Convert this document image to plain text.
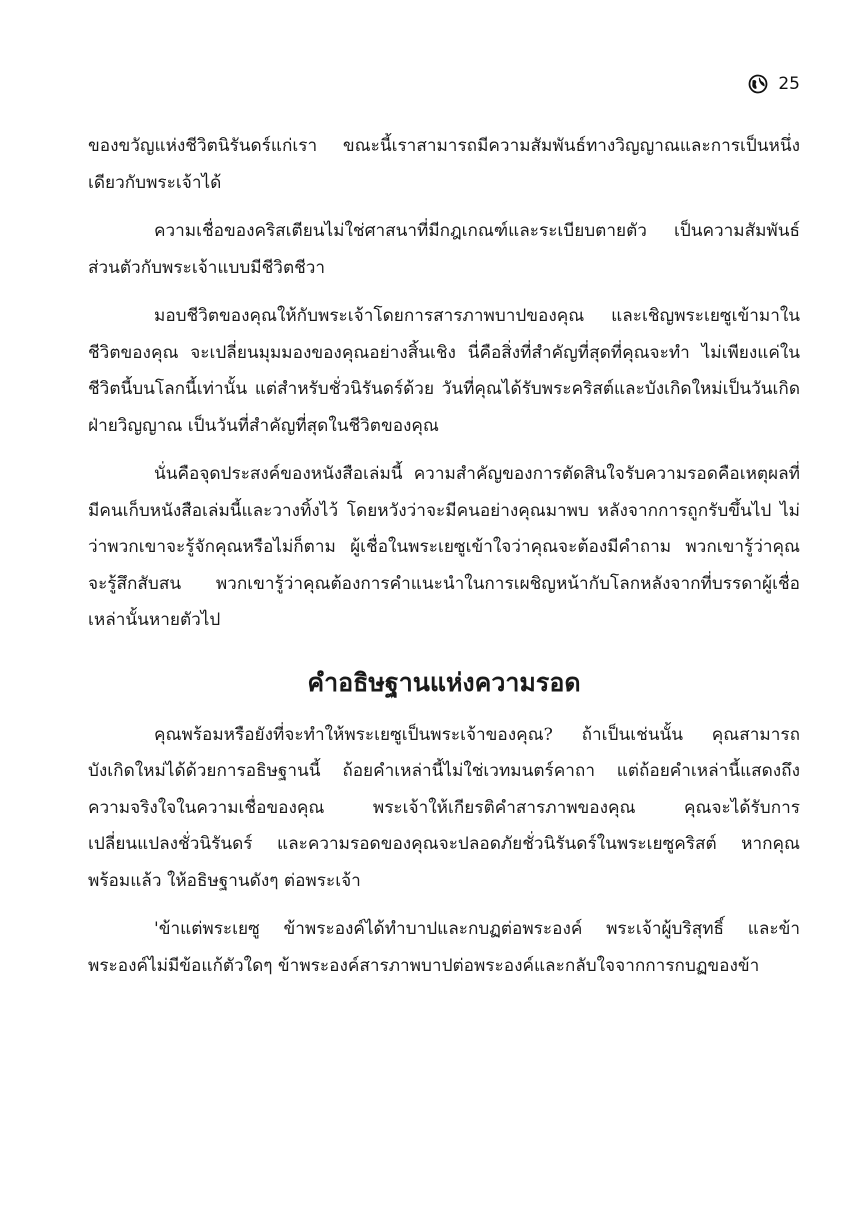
25

ของขวัญแห่งชีวิตนิรันดร์แก่เรา ขณะนี้เราสามารถมีความสัมพันธ์ทางวิญญาณและการเป็นหนึ่งเดียวกับพระเจ้าได้

ความเชื่อของคริสเตียนไม่ใช่ศาสนาที่มีกฎเกณฑ์และระเบียบตายตัว เป็นความสัมพันธ์ส่วนตัวกับพระเจ้าแบบมีชีวิตชีวา

มอบชีวิตของคุณให้กับพระเจ้าโดยการสารภาพบาปของคุณ และเชิญพระเยซูเข้ามาในชีวิตของคุณ จะเปลี่ยนมุมมองของคุณอย่างสิ้นเชิง นี่คือสิ่งที่สำคัญที่สุดที่คุณจะทำ ไม่เพียงแค่ในชีวิตนี้บนโลกนี้เท่านั้น แต่สำหรับชั่วนิรันดร์ด้วย วันที่คุณได้รับพระคริสต์และบังเกิดใหม่เป็นวันเกิดฝ่ายวิญญาณ เป็นวันที่สำคัญที่สุดในชีวิตของคุณ

นั่นคือจุดประสงค์ของหนังสือเล่มนี้ ความสำคัญของการตัดสินใจรับความรอดคือเหตุผลที่มีคนเก็บหนังสือเล่มนี้และวางทิ้งไว้ โดยหวังว่าจะมีคนอย่างคุณมาพบ หลังจากการถูกรับขึ้นไป ไม่ว่าพวกเขาจะรู้จักคุณหรือไม่ก็ตาม ผู้เชื่อในพระเยซูเข้าใจว่าคุณจะต้องมีคำถาม พวกเขารู้ว่าคุณจะรู้สึกสับสน พวกเขารู้ว่าคุณต้องการคำแนะนำในการเผชิญหน้ากับโลกหลังจากที่บรรดาผู้เชื่อเหล่านั้นหายตัวไป

คำอธิษฐานแห่งความรอด

คุณพร้อมหรือยังที่จะทำให้พระเยซูเป็นพระเจ้าของคุณ? ถ้าเป็นเช่นนั้น คุณสามารถบังเกิดใหม่ได้ด้วยการอธิษฐานนี้ ถ้อยคำเหล่านี้ไม่ใช่เวทมนตร์คาถา แต่ถ้อยคำเหล่านี้แสดงถึงความจริงใจในความเชื่อของคุณ พระเจ้าให้เกียรติคำสารภาพของคุณ คุณจะได้รับการเปลี่ยนแปลงชั่วนิรันดร์ และความรอดของคุณจะปลอดภัยชั่วนิรันดร์ในพระเยซูคริสต์ หากคุณพร้อมแล้ว ให้อธิษฐานดังๆ ต่อพระเจ้า

'ข้าแต่พระเยซู ข้าพระองค์ได้ทำบาปและกบฏต่อพระองค์ พระเจ้าผู้บริสุทธิ์ และข้าพระองค์ไม่มีข้อแก้ตัวใดๆ ข้าพระองค์สารภาพบาปต่อพระองค์และกลับใจจากการกบฏของข้า
